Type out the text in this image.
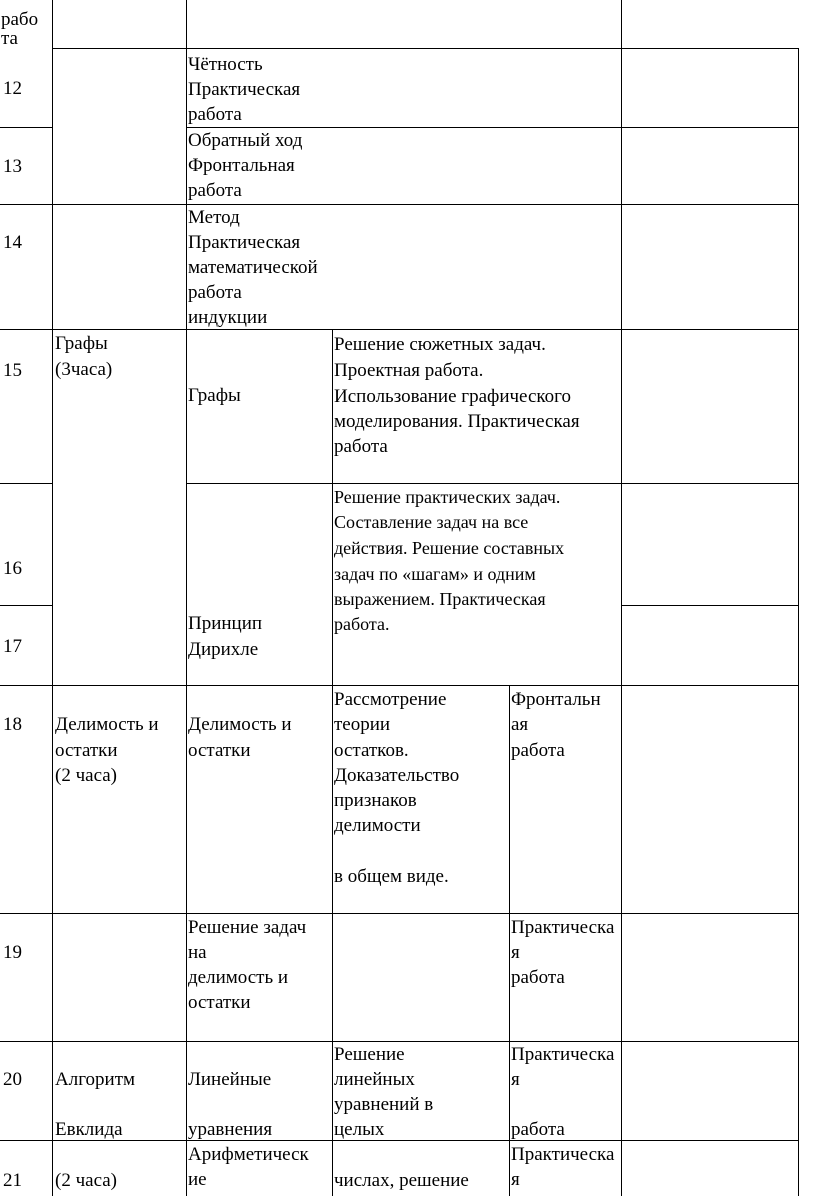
рабо
та
12
Чётность
Практическая
работа
13
Обратный ход
Фронтальная
работа
14
Метод
Практическая
математической
работа
индукции
15
Графы
(3часа)
Графы
Решение сюжетных задач.
Проектная работа.
Использование графического
моделирования. Практическая
работа
16
Решение практических задач.
Составление задач на все
действия. Решение составных
задач по «шагам» и одним
выражением. Практическая
работа.
17
Принцип
Дирихле
18 Делимость и
остатки
(2 часа)
Делимость и
остатки
Рассмотрение
теории
остатков.
Доказательство
признаков
делимости
в общем виде.
Фронтальн
ая
работа
19
Решение задач
на
делимость и
остатки
Практическа
я
работа
20 Алгоритм
Евклида
Линейные
уравнения
Решение
линейных
уравнений в
целых
Практическа
я
работа
21 (2 часа)
Арифметическ
ие	числах, решение
Практическа
я
